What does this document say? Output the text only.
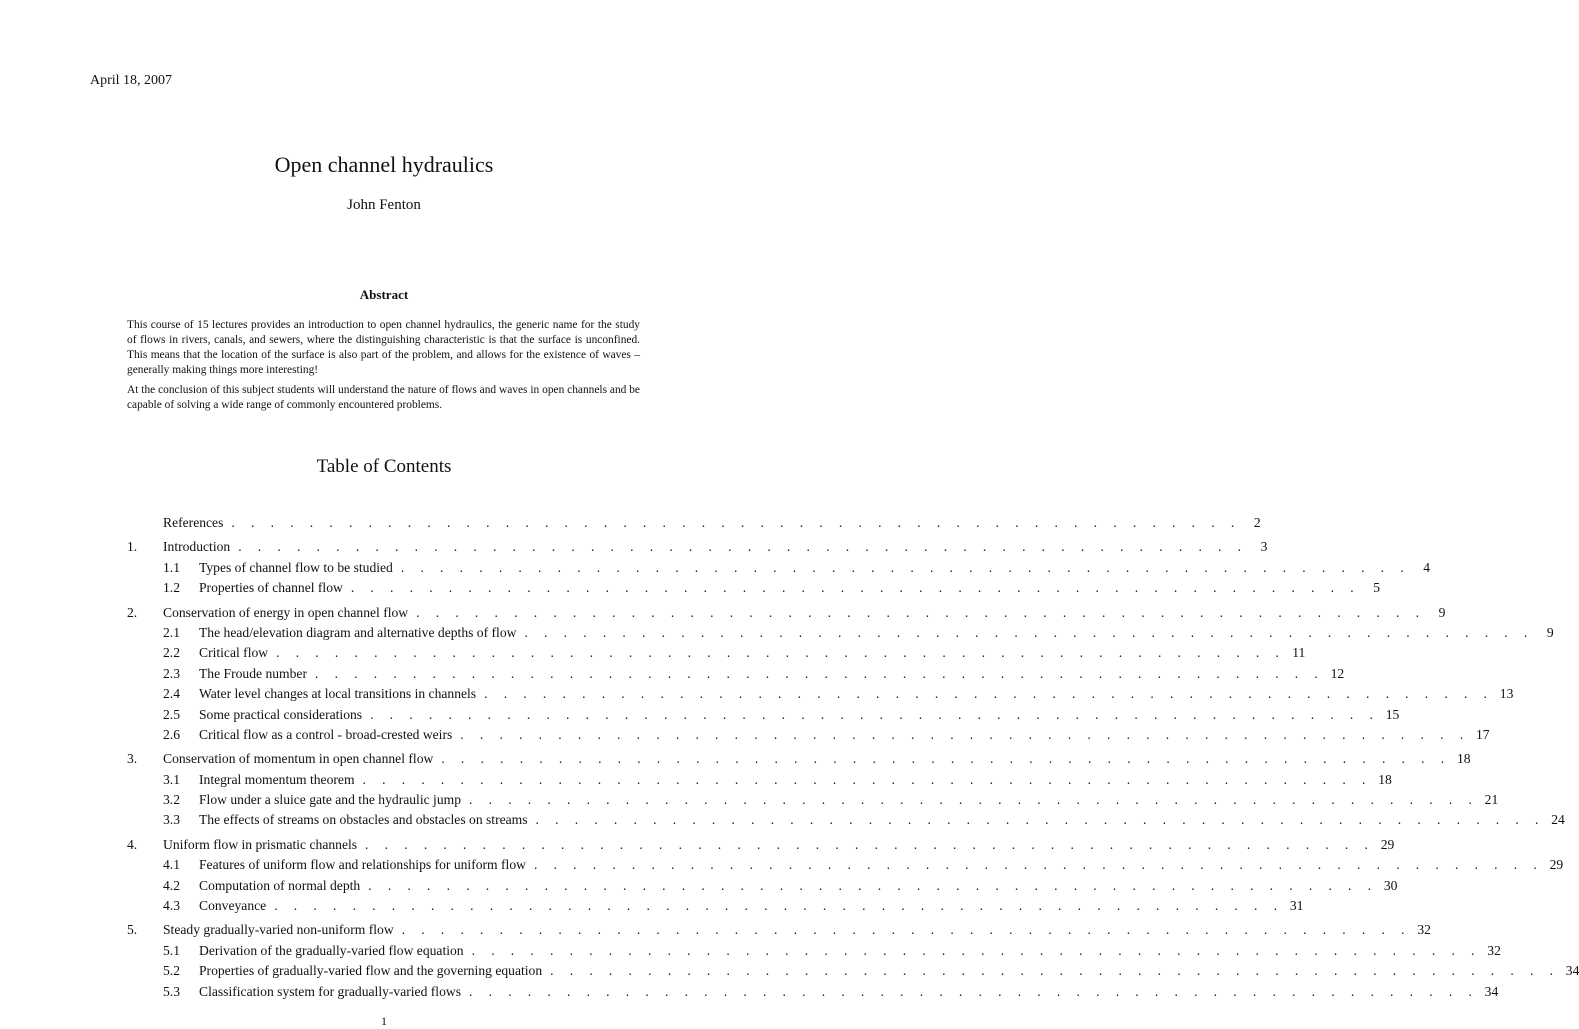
April 18, 2007
Open channel hydraulics
John Fenton
Abstract

This course of 15 lectures provides an introduction to open channel hydraulics, the generic name for the study of flows in rivers, canals, and sewers, where the distinguishing characteristic is that the surface is unconfined. This means that the location of the surface is also part of the problem, and allows for the existence of waves – generally making things more interesting!

At the conclusion of this subject students will understand the nature of flows and waves in open channels and be capable of solving a wide range of commonly encountered problems.

Table of Contents
References . . . . . . . . . . . . . . . . . . . . . . . . . . . . . . . . . . . . . . . . . . . . . . . . . . . . 2
1.	Introduction . . . . . . . . . . . . . . . . . . . . . . . . . . . . . . . . . . . . . . . . . . . . . . . . . . . . 3
1.1	Types of channel flow to be studied . . . . . . . . . . . . . . . . . . . . . . . . . . . . . . . . . . . . . . . . . . . . . . . . . . . . 4
1.2	Properties of channel flow . . . . . . . . . . . . . . . . . . . . . . . . . . . . . . . . . . . . . . . . . . . . . . . . . . . . 5
2.	Conservation of energy in open channel flow . . . . . . . . . . . . . . . . . . . . . . . . . . . . . . . . . . . . . . . . . . . . . . . . . . . . 9
2.1	The head/elevation diagram and alternative depths of flow . . . . . . . . . . . . . . . . . . . . . . . . . . . . . . . . . . . . . . . . . . . . . . . . . . . . 9
2.2	Critical flow . . . . . . . . . . . . . . . . . . . . . . . . . . . . . . . . . . . . . . . . . . . . . . . . . . . . 11
2.3	The Froude number . . . . . . . . . . . . . . . . . . . . . . . . . . . . . . . . . . . . . . . . . . . . . . . . . . . . 12
2.4	Water level changes at local transitions in channels . . . . . . . . . . . . . . . . . . . . . . . . . . . . . . . . . . . . . . . . . . . . . . . . . . . . 13
2.5	Some practical considerations . . . . . . . . . . . . . . . . . . . . . . . . . . . . . . . . . . . . . . . . . . . . . . . . . . . . 15
2.6	Critical flow as a control - broad-crested weirs . . . . . . . . . . . . . . . . . . . . . . . . . . . . . . . . . . . . . . . . . . . . . . . . . . . . 17
3.	Conservation of momentum in open channel flow . . . . . . . . . . . . . . . . . . . . . . . . . . . . . . . . . . . . . . . . . . . . . . . . . . . . 18
3.1	Integral momentum theorem . . . . . . . . . . . . . . . . . . . . . . . . . . . . . . . . . . . . . . . . . . . . . . . . . . . . 18
3.2	Flow under a sluice gate and the hydraulic jump . . . . . . . . . . . . . . . . . . . . . . . . . . . . . . . . . . . . . . . . . . . . . . . . . . . . 21
3.3	The effects of streams on obstacles and obstacles on streams . . . . . . . . . . . . . . . . . . . . . . . . . . . . . . . . . . . . . . . . . . . . . . . . . . . . 24
4.	Uniform flow in prismatic channels . . . . . . . . . . . . . . . . . . . . . . . . . . . . . . . . . . . . . . . . . . . . . . . . . . . . 29
4.1	Features of uniform flow and relationships for uniform flow . . . . . . . . . . . . . . . . . . . . . . . . . . . . . . . . . . . . . . . . . . . . . . . . . . . . 29
4.2	Computation of normal depth . . . . . . . . . . . . . . . . . . . . . . . . . . . . . . . . . . . . . . . . . . . . . . . . . . . . 30
4.3	Conveyance . . . . . . . . . . . . . . . . . . . . . . . . . . . . . . . . . . . . . . . . . . . . . . . . . . . . 31
5.	Steady gradually-varied non-uniform flow . . . . . . . . . . . . . . . . . . . . . . . . . . . . . . . . . . . . . . . . . . . . . . . . . . . . 32
5.1	Derivation of the gradually-varied flow equation . . . . . . . . . . . . . . . . . . . . . . . . . . . . . . . . . . . . . . . . . . . . . . . . . . . . 32
5.2	Properties of gradually-varied flow and the governing equation . . . . . . . . . . . . . . . . . . . . . . . . . . . . . . . . . . . . . . . . . . . . . . . . . . . . 34
5.3	Classification system for gradually-varied flows . . . . . . . . . . . . . . . . . . . . . . . . . . . . . . . . . . . . . . . . . . . . . . . . . . . . 34
1
